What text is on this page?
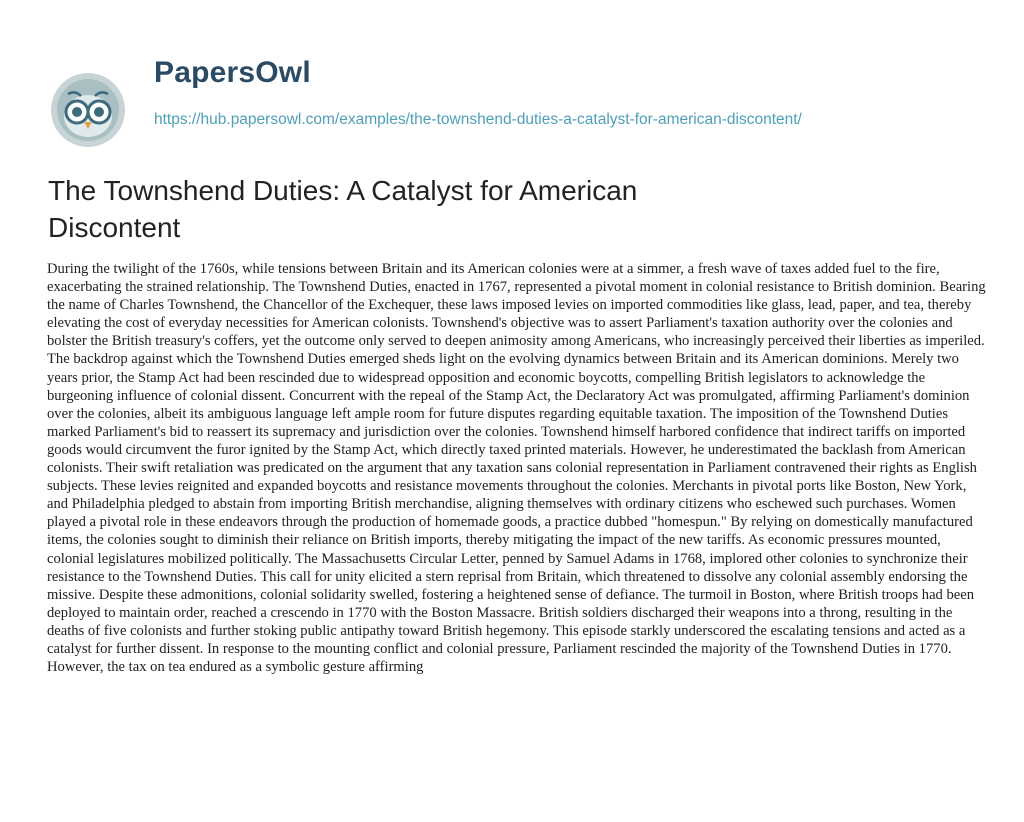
PapersOwl
https://hub.papersowl.com/examples/the-townshend-duties-a-catalyst-for-american-discontent/
The Townshend Duties: A Catalyst for American Discontent

During the twilight of the 1760s, while tensions between Britain and its American colonies were at a simmer, a fresh wave of taxes added fuel to the fire, exacerbating the strained relationship. The Townshend Duties, enacted in 1767, represented a pivotal moment in colonial resistance to British dominion. Bearing the name of Charles Townshend, the Chancellor of the Exchequer, these laws imposed levies on imported commodities like glass, lead, paper, and tea, thereby elevating the cost of everyday necessities for American colonists. Townshend's objective was to assert Parliament's taxation authority over the colonies and bolster the British treasury's coffers, yet the outcome only served to deepen animosity among Americans, who increasingly perceived their liberties as imperiled. The backdrop against which the Townshend Duties emerged sheds light on the evolving dynamics between Britain and its American dominions. Merely two years prior, the Stamp Act had been rescinded due to widespread opposition and economic boycotts, compelling British legislators to acknowledge the burgeoning influence of colonial dissent. Concurrent with the repeal of the Stamp Act, the Declaratory Act was promulgated, affirming Parliament's dominion over the colonies, albeit its ambiguous language left ample room for future disputes regarding equitable taxation. The imposition of the Townshend Duties marked Parliament's bid to reassert its supremacy and jurisdiction over the colonies. Townshend himself harbored confidence that indirect tariffs on imported goods would circumvent the furor ignited by the Stamp Act, which directly taxed printed materials. However, he underestimated the backlash from American colonists. Their swift retaliation was predicated on the argument that any taxation sans colonial representation in Parliament contravened their rights as English subjects. These levies reignited and expanded boycotts and resistance movements throughout the colonies. Merchants in pivotal ports like Boston, New York, and Philadelphia pledged to abstain from importing British merchandise, aligning themselves with ordinary citizens who eschewed such purchases. Women played a pivotal role in these endeavors through the production of homemade goods, a practice dubbed "homespun." By relying on domestically manufactured items, the colonies sought to diminish their reliance on British imports, thereby mitigating the impact of the new tariffs. As economic pressures mounted, colonial legislatures mobilized politically. The Massachusetts Circular Letter, penned by Samuel Adams in 1768, implored other colonies to synchronize their resistance to the Townshend Duties. This call for unity elicited a stern reprisal from Britain, which threatened to dissolve any colonial assembly endorsing the missive. Despite these admonitions, colonial solidarity swelled, fostering a heightened sense of defiance. The turmoil in Boston, where British troops had been deployed to maintain order, reached a crescendo in 1770 with the Boston Massacre. British soldiers discharged their weapons into a throng, resulting in the deaths of five colonists and further stoking public antipathy toward British hegemony. This episode starkly underscored the escalating tensions and acted as a catalyst for further dissent. In response to the mounting conflict and colonial pressure, Parliament rescinded the majority of the Townshend Duties in 1770. However, the tax on tea endured as a symbolic gesture affirming
